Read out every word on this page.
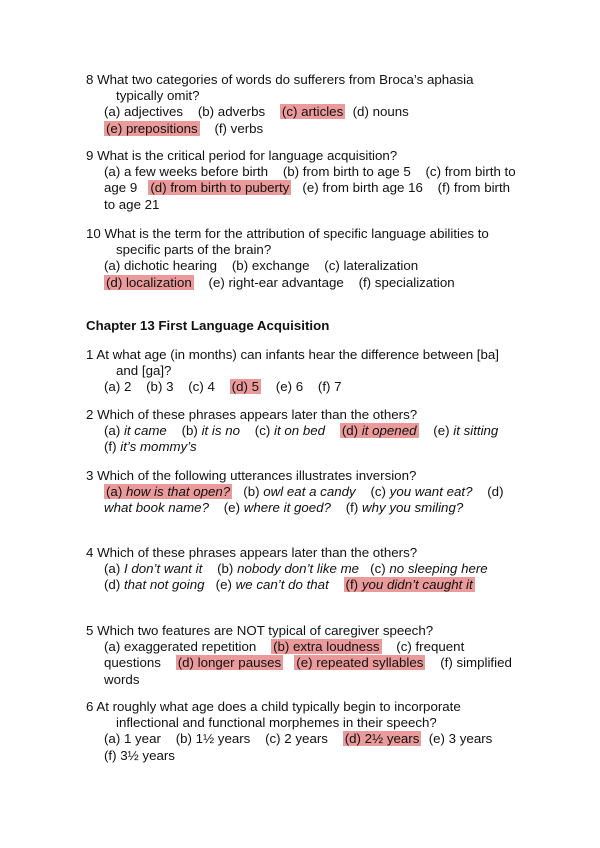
8 What two categories of words do sufferers from Broca’s aphasia typically omit?
(a) adjectives (b) adverbs (c) articles (d) nouns
(e) prepositions (f) verbs
9 What is the critical period for language acquisition?
(a) a few weeks before birth (b) from birth to age 5 (c) from birth to age 9 (d) from birth to puberty (e) from birth age 16 (f) from birth to age 21
10 What is the term for the attribution of specific language abilities to specific parts of the brain?
(a) dichotic hearing (b) exchange (c) lateralization
(d) localization (e) right-ear advantage (f) specialization
Chapter 13 First Language Acquisition
1 At what age (in months) can infants hear the difference between [ba] and [ga]?
(a) 2 (b) 3 (c) 4 (d) 5 (e) 6 (f) 7
2 Which of these phrases appears later than the others?
(a) it came (b) it is no (c) it on bed (d) it opened (e) it sitting    (f) it’s mommy’s
3 Which of the following utterances illustrates inversion?
(a) how is that open? (b) owl eat a candy (c) you want eat? (d) what book name? (e) where it goed? (f) why you smiling?
4 Which of these phrases appears later than the others?
(a) I don’t want it (b) nobody don’t like me (c) no sleeping here    (d) that not going (e) we can’t do that (f) you didn’t caught it
5 Which two features are NOT typical of caregiver speech?
(a) exaggerated repetition (b) extra loudness (c) frequent questions (d) longer pauses (e) repeated syllables (f) simplified words
6 At roughly what age does a child typically begin to incorporate inflectional and functional morphemes in their speech?
(a) 1 year (b) 1½ years (c) 2 years (d) 2½ years (e) 3 years    (f) 3½ years
